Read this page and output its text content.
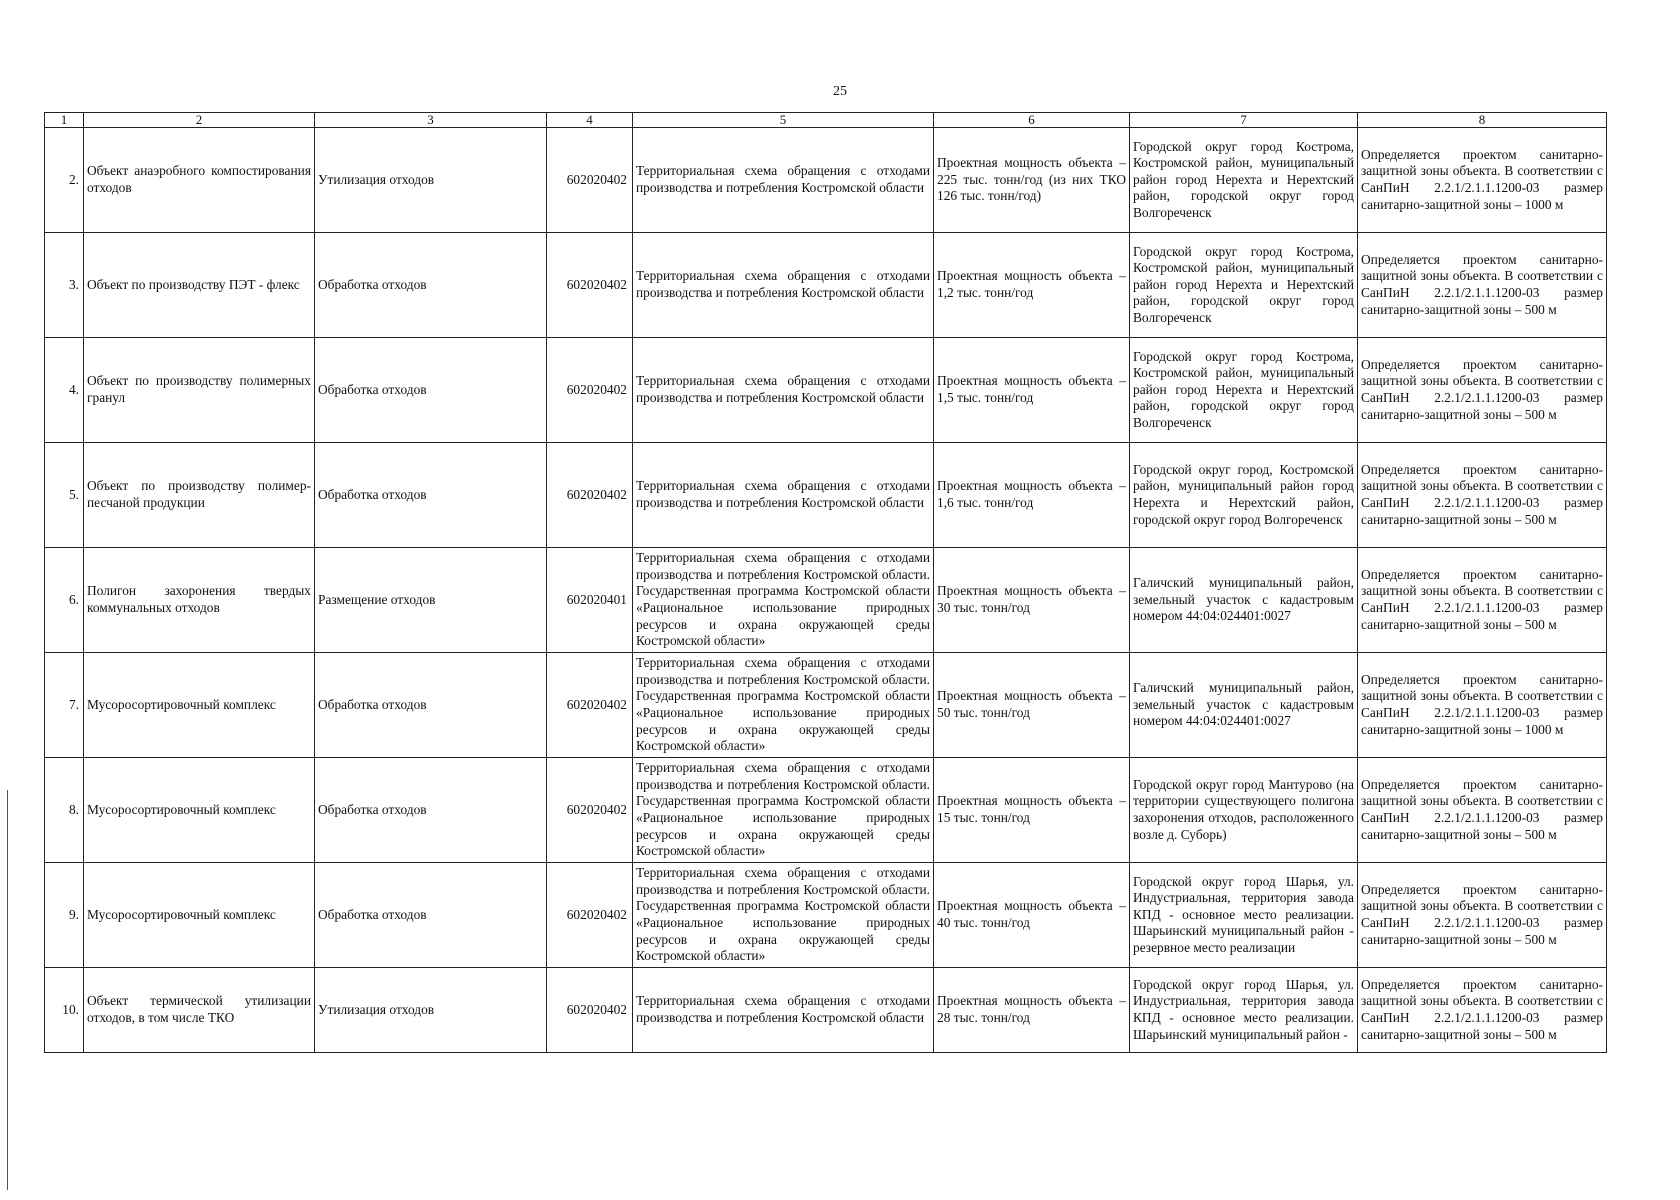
25
1	2	3	4	5	6	7	8
2.	Объект анаэробного компостирования отходов	Утилизация отходов	602020402	Территориальная схема обращения с отходами производства и потребления Костромской области	Проектная мощность объекта – 225 тыс. тонн/год (из них ТКО 126 тыс. тонн/год)	Городской округ город Кострома, Костромской район, муниципальный район город Нерехта и Нерехтский район, городской округ город Волгореченск	Определяется проектом санитарно-защитной зоны объекта. В соответствии с СанПиН 2.2.1/2.1.1.1200-03 размер санитарно-защитной зоны – 1000 м
3.	Объект по производству ПЭТ - флекс	Обработка отходов	602020402	Территориальная схема обращения с отходами производства и потребления Костромской области	Проектная мощность объекта – 1,2 тыс. тонн/год	Городской округ город Кострома, Костромской район, муниципальный район город Нерехта и Нерехтский район, городской округ город Волгореченск	Определяется проектом санитарно-защитной зоны объекта. В соответствии с СанПиН 2.2.1/2.1.1.1200-03 размер санитарно-защитной зоны – 500 м
4.	Объект по производству полимерных гранул	Обработка отходов	602020402	Территориальная схема обращения с отходами производства и потребления Костромской области	Проектная мощность объекта – 1,5 тыс. тонн/год	Городской округ город Кострома, Костромской район, муниципальный район город Нерехта и Нерехтский район, городской округ город Волгореченск	Определяется проектом санитарно-защитной зоны объекта. В соответствии с СанПиН 2.2.1/2.1.1.1200-03 размер санитарно-защитной зоны – 500 м
5.	Объект по производству полимер-песчаной продукции	Обработка отходов	602020402	Территориальная схема обращения с отходами производства и потребления Костромской области	Проектная мощность объекта – 1,6 тыс. тонн/год	Городской округ город, Костромской район, муниципальный район город Нерехта и Нерехтский район, городской округ город Волгореченск	Определяется проектом санитарно-защитной зоны объекта. В соответствии с СанПиН 2.2.1/2.1.1.1200-03 размер санитарно-защитной зоны – 500 м
6.	Полигон захоронения твердых коммунальных отходов	Размещение отходов	602020401	Территориальная схема обращения с отходами производства и потребления Костромской области. Государственная программа Костромской области «Рациональное использование природных ресурсов и охрана окружающей среды Костромской области»	Проектная мощность объекта – 30 тыс. тонн/год	Галичский муниципальный район, земельный участок с кадастровым номером 44:04:024401:0027	Определяется проектом санитарно-защитной зоны объекта. В соответствии с СанПиН 2.2.1/2.1.1.1200-03 размер санитарно-защитной зоны – 500 м
7.	Мусоросортировочный комплекс	Обработка отходов	602020402	Территориальная схема обращения с отходами производства и потребления Костромской области. Государственная программа Костромской области «Рациональное использование природных ресурсов и охрана окружающей среды Костромской области»	Проектная мощность объекта – 50 тыс. тонн/год	Галичский муниципальный район, земельный участок с кадастровым номером 44:04:024401:0027	Определяется проектом санитарно-защитной зоны объекта. В соответствии с СанПиН 2.2.1/2.1.1.1200-03 размер санитарно-защитной зоны – 1000 м
8.	Мусоросортировочный комплекс	Обработка отходов	602020402	Территориальная схема обращения с отходами производства и потребления Костромской области. Государственная программа Костромской области «Рациональное использование природных ресурсов и охрана окружающей среды Костромской области»	Проектная мощность объекта – 15 тыс. тонн/год	Городской округ город Мантурово (на территории существующего полигона захоронения отходов, расположенного возле д. Суборь)	Определяется проектом санитарно-защитной зоны объекта. В соответствии с СанПиН 2.2.1/2.1.1.1200-03 размер санитарно-защитной зоны – 500 м
9.	Мусоросортировочный комплекс	Обработка отходов	602020402	Территориальная схема обращения с отходами производства и потребления Костромской области. Государственная программа Костромской области «Рациональное использование природных ресурсов и охрана окружающей среды Костромской области»	Проектная мощность объекта – 40 тыс. тонн/год	Городской округ город Шарья, ул. Индустриальная, территория завода КПД - основное место реализации. Шарьинский муниципальный район - резервное место реализации	Определяется проектом санитарно-защитной зоны объекта. В соответствии с СанПиН 2.2.1/2.1.1.1200-03 размер санитарно-защитной зоны – 500 м
10.	Объект термической утилизации отходов, в том числе ТКО	Утилизация отходов	602020402	Территориальная схема обращения с отходами производства и потребления Костромской области	Проектная мощность объекта – 28 тыс. тонн/год	Городской округ город Шарья, ул. Индустриальная, территория завода КПД - основное место реализации. Шарьинский муниципальный район -	Определяется проектом санитарно-защитной зоны объекта. В соответствии с СанПиН 2.2.1/2.1.1.1200-03 размер санитарно-защитной зоны – 500 м
